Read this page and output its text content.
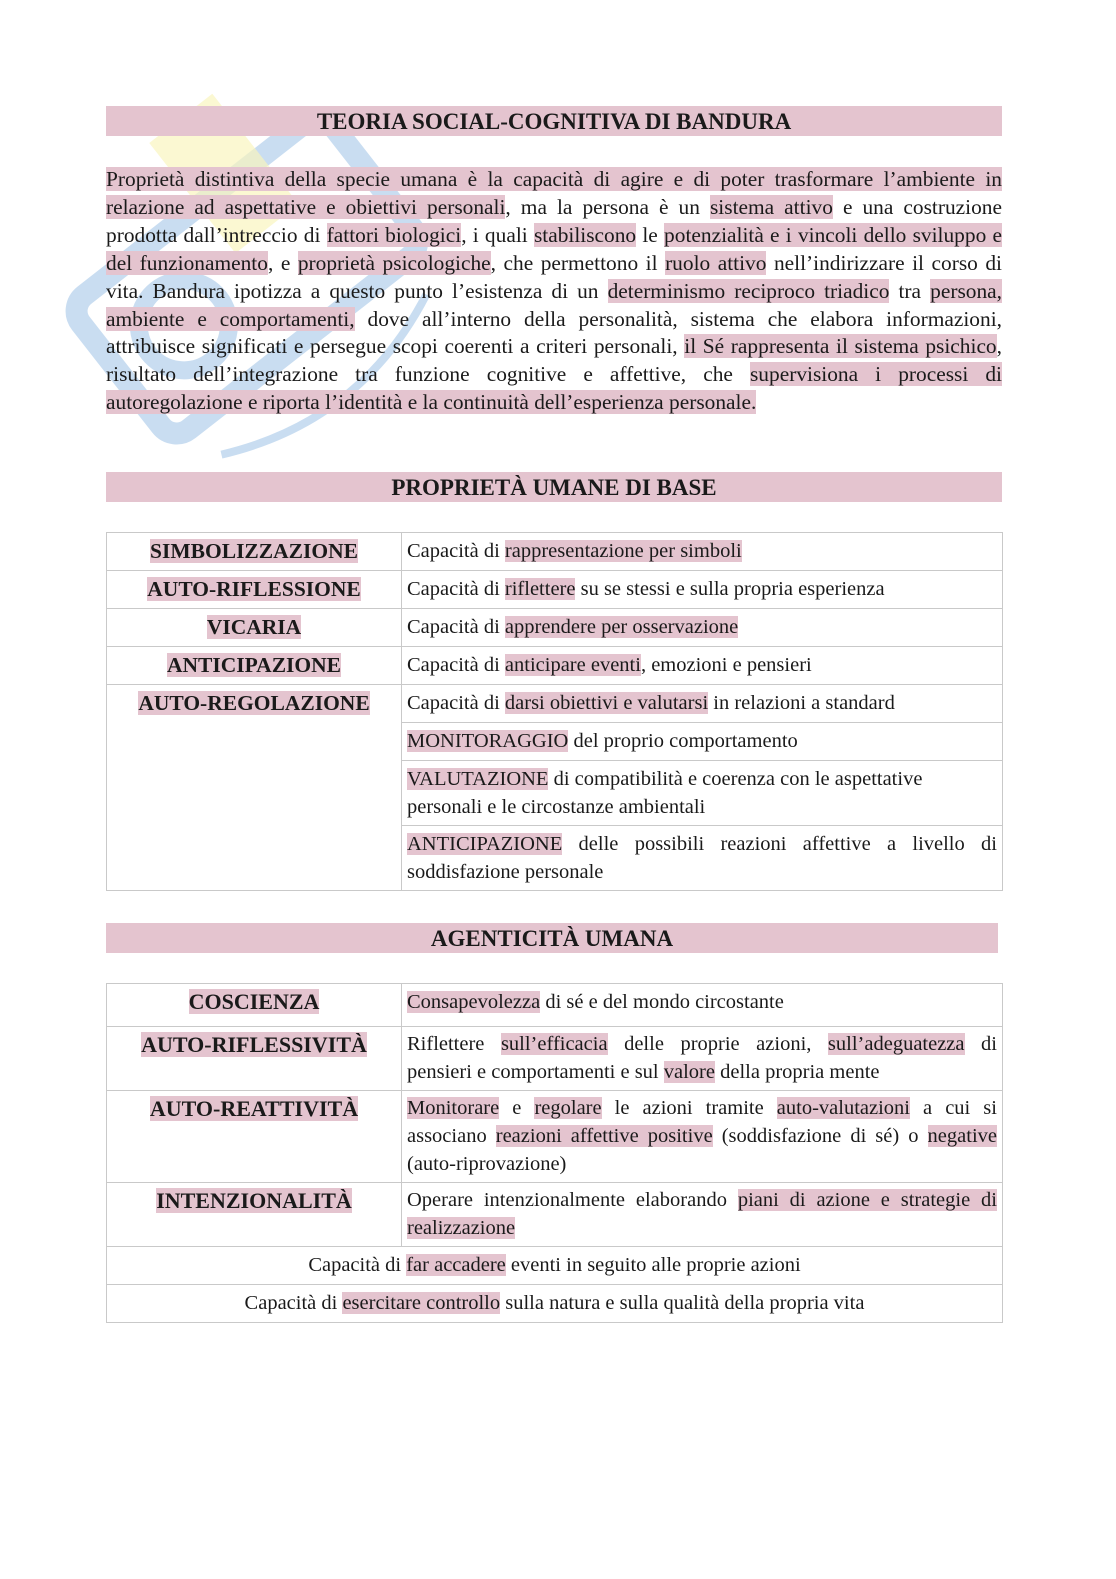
TEORIA SOCIAL-COGNITIVA DI BANDURA

Proprietà distintiva della specie umana è la capacità di agire e di poter trasformare l’ambiente in relazione ad aspettative e obiettivi personali, ma la persona è un sistema attivo e una costruzione prodotta dall’intreccio di fattori biologici, i quali stabiliscono le potenzialità e i vincoli dello sviluppo e del funzionamento, e proprietà psicologiche, che permettono il ruolo attivo nell’indirizzare il corso di vita. Bandura ipotizza a questo punto l’esistenza di un determinismo reciproco triadico tra persona, ambiente e comportamenti, dove all’interno della personalità, sistema che elabora informazioni, attribuisce significati e persegue scopi coerenti a criteri personali, il Sé rappresenta il sistema psichico, risultato dell’integrazione tra funzione cognitive e affettive, che supervisiona i processi di autoregolazione e riporta l’identità e la continuità dell’esperienza personale.

PROPRIETÀ UMANE DI BASE
SIMBOLIZZAZIONE	Capacità di rappresentazione per simboli
AUTO-RIFLESSIONE	Capacità di riflettere su se stessi e sulla propria esperienza
VICARIA	Capacità di apprendere per osservazione
ANTICIPAZIONE	Capacità di anticipare eventi, emozioni e pensieri
AUTO-REGOLAZIONE	Capacità di darsi obiettivi e valutarsi in relazioni a standard
	MONITORAGGIO del proprio comportamento
	VALUTAZIONE di compatibilità e coerenza con le aspettative personali e le circostanze ambientali
	ANTICIPAZIONE delle possibili reazioni affettive a livello di soddisfazione personale
AGENTICITÀ UMANA
COSCIENZA	Consapevolezza di sé e del mondo circostante
AUTO-RIFLESSIVITÀ	Riflettere sull’efficacia delle proprie azioni, sull’adeguatezza di pensieri e comportamenti e sul valore della propria mente
AUTO-REATTIVITÀ	Monitorare e regolare le azioni tramite auto-valutazioni a cui si associano reazioni affettive positive (soddisfazione di sé) o negative (auto-riprovazione)
INTENZIONALITÀ	Operare intenzionalmente elaborando piani di azione e strategie di realizzazione
Capacità di far accadere eventi in seguito alle proprie azioni	
Capacità di esercitare controllo sulla natura e sulla qualità della propria vita	
